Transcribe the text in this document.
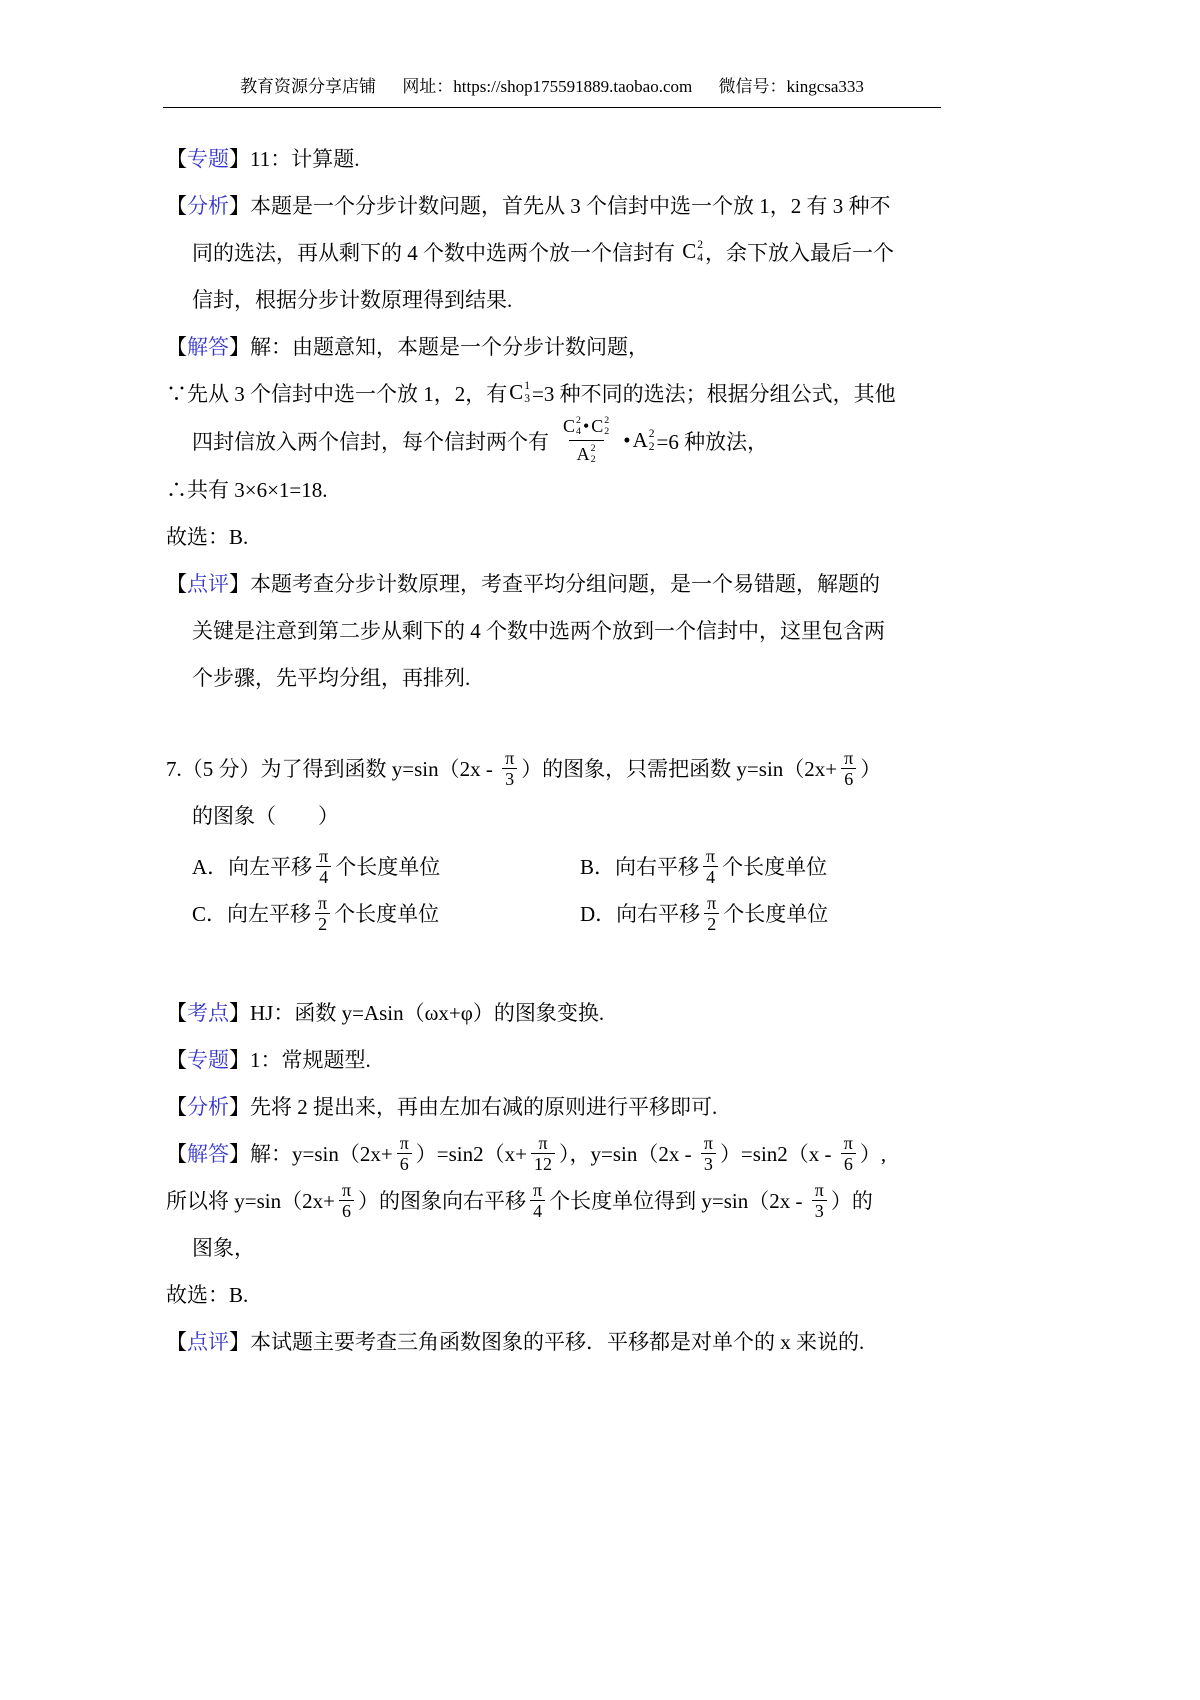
教育资源分享店铺 网址：https://shop175591889.taobao.com 微信号：kingcsa333
【专题】 11：计算题.
【分析】 本题是一个分步计数问题，首先从 3 个信封中选一个放 1，2 有 3 种不
同的选法，再从剩下的 4 个数中选两个放一个信封有 C 2
4 ，余下放入最后一个
信封，根据分步计数原理得到结果.
【解答】 解：由题意知，本题是一个分步计数问题，
∵先从 3 个信封中选一个放 1，2，有 C 1
3 =3 种不同的选法；根据分组公式，其他
四封信放入两个信封，每个信封两个有 C 2
4 • C 2
2
A 2
2 • A 2
2 =6 种放法，
∴共有 3×6×1=18.
故选：B.
【点评】 本题考查分步计数原理，考查平均分组问题，是一个易错题，解题的
关键是注意到第二步从剩下的 4 个数中选两个放到一个信封中，这里包含两
个步骤，先平均分组，再排列.
7.（5 分）为了得到函数 $y=\sin(2x - \frac{\pi}{3}$ ）的图象，只需把函数 $y=\sin(2x+ \frac{\pi}{6}$ ）
的图象（　　）
A．向左平移 $\frac{\pi}{4}$ 个长度单位	B．向右平移 $\frac{\pi}{4}$ 个长度单位
C．向左平移 $\frac{\pi}{2}$ 个长度单位	D．向右平移 $\frac{\pi}{2}$ 个长度单位
【考点】 HJ：函数 y=Asin（ωx+φ）的图象变换.
【专题】 1：常规题型.
【分析】 先将 2 提出来，再由左加右减的原则进行平移即可.
【解答】 解：$y=\sin(2x+ \frac{\pi}{6} )=\sin 2(x+ \frac{\pi}{12}$ ），$y=\sin(2x - \frac{\pi}{3} )=\sin 2(x - \frac{\pi}{6}$ ）,
所以将 $y=\sin(2x+ \frac{\pi}{6}$ ）的图象向右平移 $\frac{\pi}{4}$ 个长度单位得到 $y=\sin(2x - \frac{\pi}{3}$ ）的
图象，
故选：B.
【点评】 本试题主要考查三角函数图象的平移．平移都是对单个的 x 来说的.
